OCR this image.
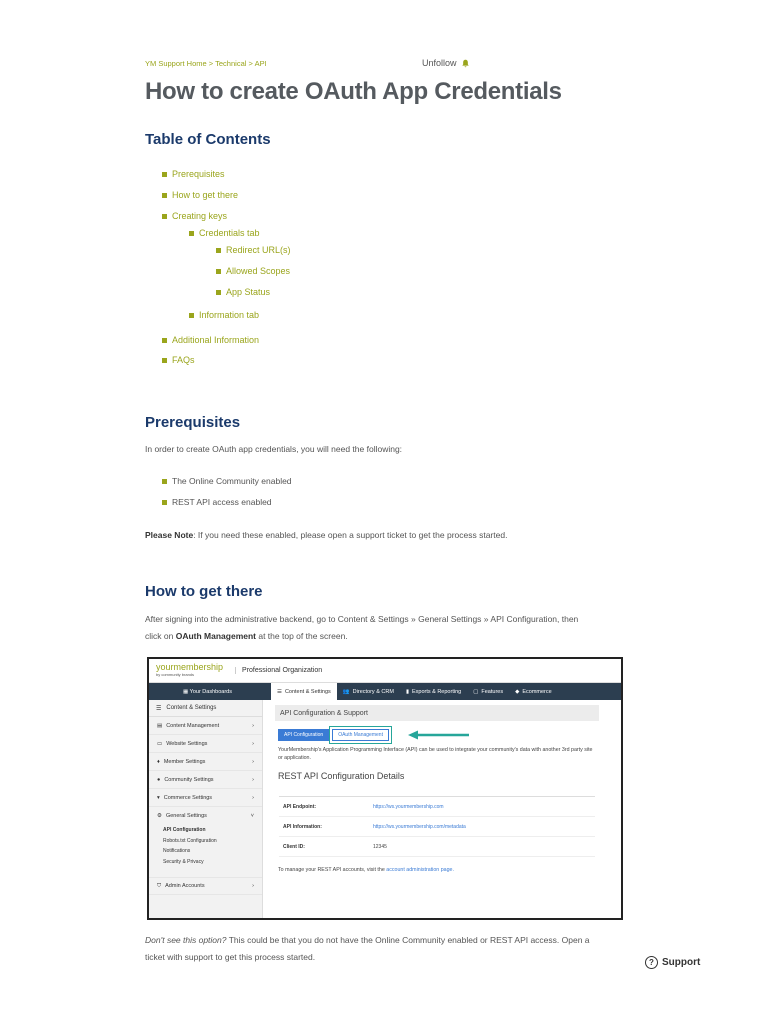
YM Support Home > Technical > API	Unfollow
How to create OAuth App Credentials
Table of Contents
Prerequisites
How to get there
Creating keys
Credentials tab
Redirect URL(s)
Allowed Scopes
App Status
Information tab
Additional Information
FAQs
Prerequisites
In order to create OAuth app credentials, you will need the following:
The Online Community enabled
REST API access enabled
Please Note: If you need these enabled, please open a support ticket to get the process started.
How to get there
After signing into the administrative backend, go to Content & Settings » General Settings » API Configuration, then
click on OAuth Management at the top of the screen.
yourmembership
by community brands	Professional Organization
▦ Your Dashboards	☰ Content & Settings	👥 Directory & CRM	▮ Exports & Reporting	▢ Features	◆ Ecommerce
☰ Content & Settings
▤ Content Management	›
▭ Website Settings	›
♦ Member Settings	›
● Community Settings	›
▾ Commerce Settings	›
⚙ General Settings	˅
API Configuration
Robots.txt Configuration
Notifications
Security & Privacy
⛉ Admin Accounts	›
API Configuration & Support
API Configuration	OAuth Management
YourMembership's Application Programming Interface (API) can be used to integrate your community's data with another 3rd party site or application.
REST API Configuration Details
API Endpoint:	https://ws.yourmembership.com
API Information:	https://ws.yourmembership.com/metadata
Client ID:	12345
To manage your REST API accounts, visit the account administration page.
Don't see this option? This could be that you do not have the Online Community enabled or REST API access. Open a
ticket with support to get this process started.
? Support
